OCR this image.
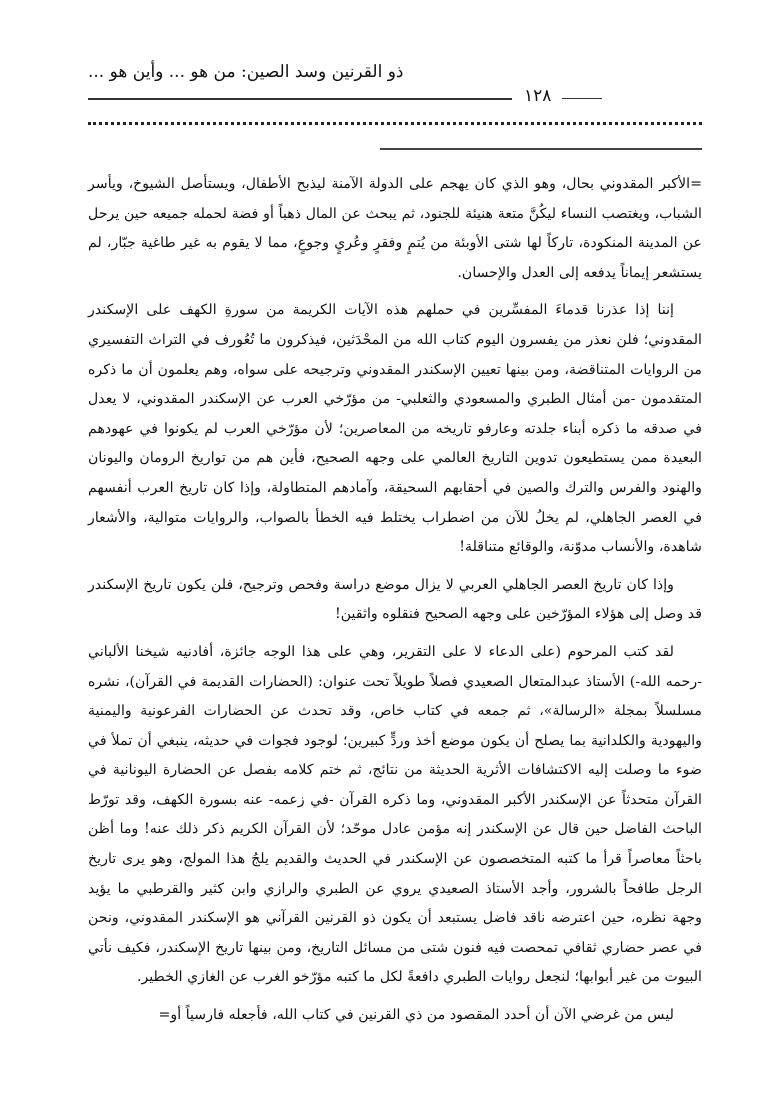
ذو القرنين وسد الصين: من هو ... وأين هو ...
١٢٨

=الأكبر المقدوني بحال، وهو الذي كان يهجم على الدولة الآمنة ليذبح الأطفال، ويستأصل الشيوخ، ويأسر الشباب، ويغتصب النساء ليكُنَّ متعة هنيئة للجنود، ثم يبحث عن المال ذهباً أو فضة لحمله جميعه حين يرحل عن المدينة المنكودة، تاركاً لها شتى الأوبئة من يُتمٍ وفقرٍ وعُريٍ وجوعٍ، مما لا يقوم به غير طاغية جبّار، لم يستشعر إيماناً يدفعه إلى العدل والإحسان.

إننا إذا عذرنا قدماءَ المفسِّرين في حملهم هذه الآيات الكريمة من سورةِ الكهف على الإسكندر المقدوني؛ فلن نعذر من يفسرون اليوم كتاب الله من المحْدَثين، فيذكرون ما تُعُورف في التراث التفسيري من الروايات المتناقضة، ومن بينها تعيين الإسكندر المقدوني وترجيحه على سواه، وهم يعلمون أن ما ذكره المتقدمون -من أمثال الطبري والمسعودي والثعلبي- من مؤرّخي العرب عن الإسكندر المقدوني، لا يعدل في صدقه ما ذكره أبناء جلدته وعارفو تاريخه من المعاصرين؛ لأن مؤرّخي العرب لم يكونوا في عهودهم البعيدة ممن يستطيعون تدوين التاريخ العالمي على وجهه الصحيح، فأين هم من تواريخ الرومان واليونان والهنود والفرس والترك والصين في أحقابهم السحيقة، وآمادهم المتطاولة، وإذا كان تاريخ العرب أنفسهم في العصر الجاهلي، لم يخلُ للآن من اضطراب يختلط فيه الخطأ بالصواب، والروايات متوالية، والأشعار شاهدة، والأنساب مدوّنة، والوقائع متناقلة!

وإذا كان تاريخ العصر الجاهلي العربي لا يزال موضع دراسة وفحص وترجيح، فلن يكون تاريخ الإسكندر قد وصل إلى هؤلاء المؤرّخين على وجهه الصحيح فنقلوه واثقين!

لقد كتب المرحوم (على الدعاء لا على التقرير، وهي على هذا الوجه جائزة، أفادنيه شيخنا الألباني -رحمه الله-) الأستاذ عبدالمتعال الصعيدي فصلاً طويلاً تحت عنوان: (الحضارات القديمة في القرآن)، نشره مسلسلاً بمجلة «الرسالة»، ثم جمعه في كتاب خاص، وقد تحدث عن الحضارات الفرعونية واليمنية واليهودية والكلدانية بما يصلح أن يكون موضع أخذ وردٍّ كبيرين؛ لوجود فجوات في حديثه، ينبغي أن تملأ في ضوء ما وصلت إليه الاكتشافات الأثرية الحديثة من نتائج، ثم ختم كلامه بفصل عن الحضارة اليونانية في القرآن متحدثاً عن الإسكندر الأكبر المقدوني، وما ذكره القرآن -في زعمه- عنه بسورة الكهف، وقد تورّط الباحث الفاضل حين قال عن الإسكندر إنه مؤمن عادل موحّد؛ لأن القرآن الكريم ذكر ذلك عنه! وما أظن باحثاً معاصراً قرأ ما كتبه المتخصصون عن الإسكندر في الحديث والقديم يلجُ هذا المولج، وهو يرى تاريخ الرجل طافحاً بالشرور، وأجد الأستاذ الصعيدي يروي عن الطبري والرازي وابن كثير والقرطبي ما يؤيد وجهة نظره، حين اعترضه ناقد فاضل يستبعد أن يكون ذو القرنين القرآني هو الإسكندر المقدوني، ونحن في عصر حضاري ثقافي تمحصت فيه فنون شتى من مسائل التاريخ، ومن بينها تاريخ الإسكندر، فكيف نأتي البيوت من غير أبوابها؛ لنجعل روايات الطبري دافعةً لكل ما كتبه مؤرّخو الغرب عن الغازي الخطير.

ليس من غرضي الآن أن أحدد المقصود من ذي القرنين في كتاب الله، فأجعله فارسياً أو=
